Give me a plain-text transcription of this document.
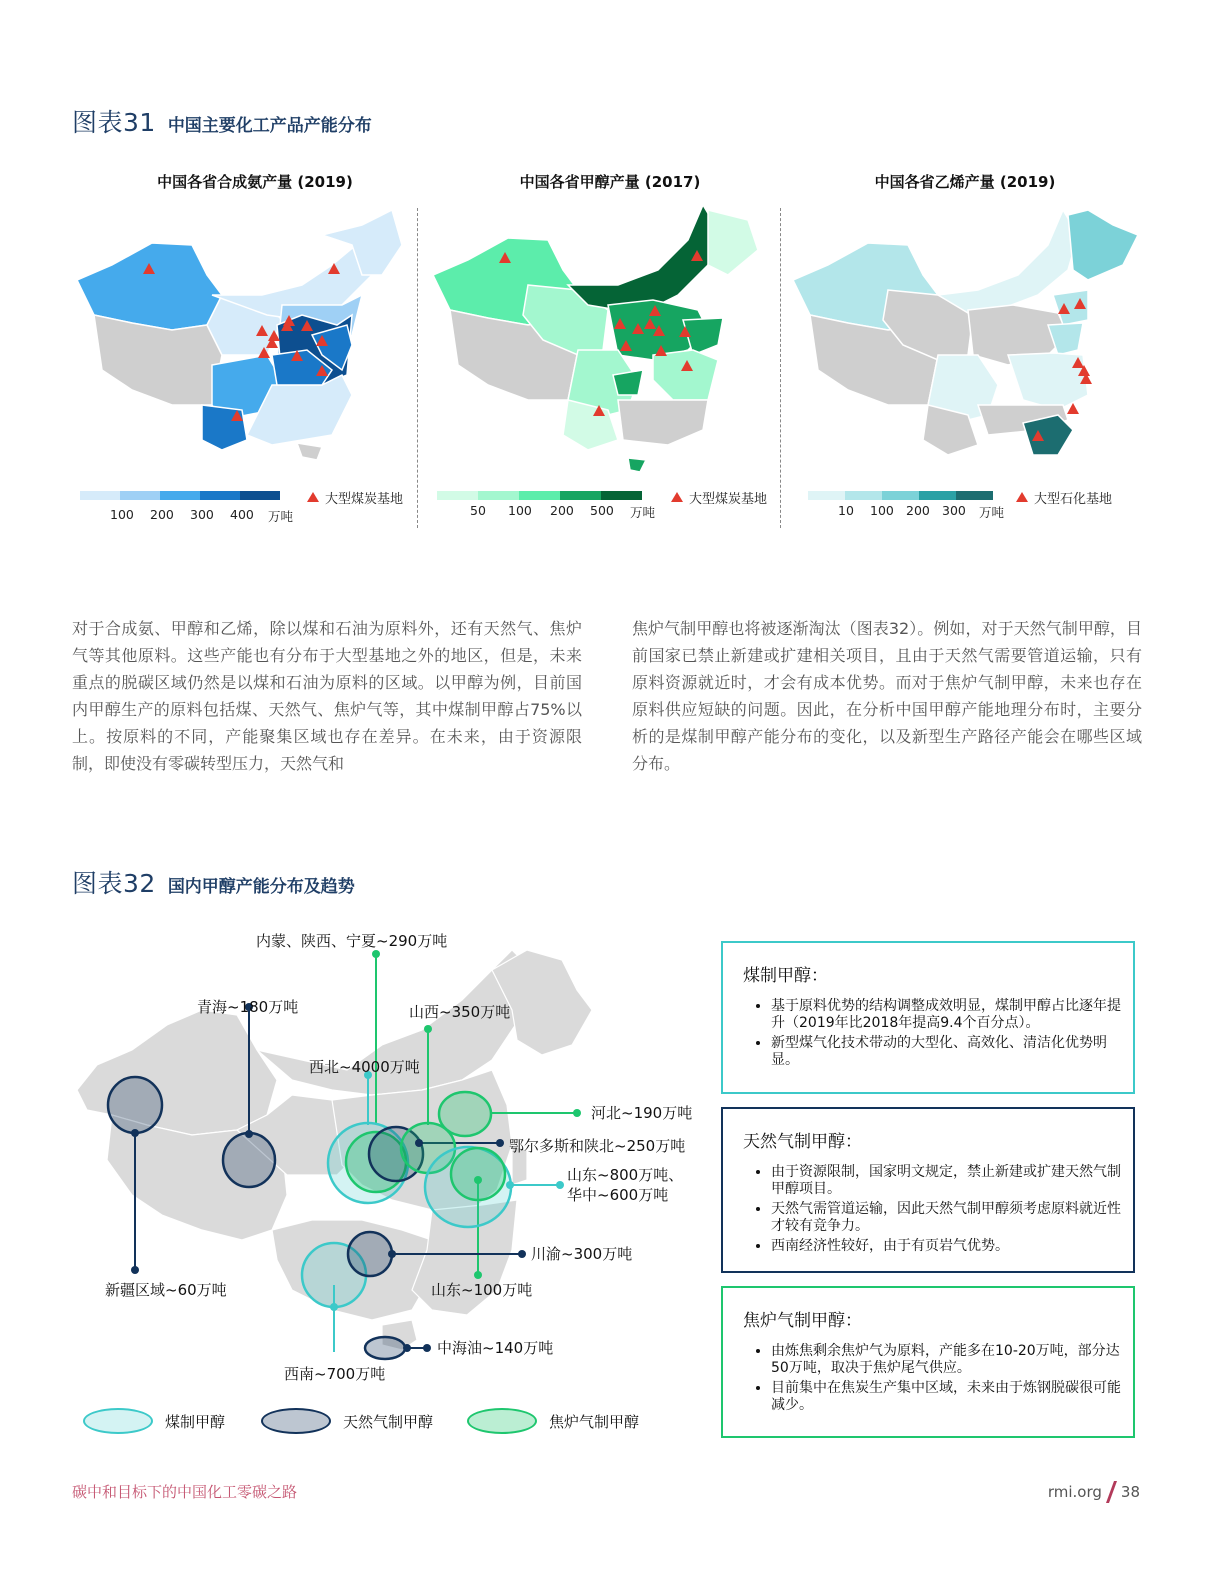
图表31 中国主要化工产品产能分布
中国各省合成氨产量 (2019)	中国各省甲醇产量 (2017)	中国各省乙烯产量 (2019)
100 200 300 400 万吨
大型煤炭基地
50 100 200 500 万吨
大型煤炭基地
10 100 200 300 万吨
大型石化基地
对于合成氨、甲醇和乙烯，除以煤和石油为原料外，还有天然气、焦炉气等其他原料。这些产能也有分布于大型基地之外的地区，但是，未来重点的脱碳区域仍然是以煤和石油为原料的区域。以甲醇为例，目前国内甲醇生产的原料包括煤、天然气、焦炉气等，其中煤制甲醇占75%以上。按原料的不同，产能聚集区域也存在差异。在未来，由于资源限制，即使没有零碳转型压力，天然气和
焦炉气制甲醇也将被逐渐淘汰（图表32）。例如，对于天然气制甲醇，目前国家已禁止新建或扩建相关项目，且由于天然气需要管道运输，只有原料资源就近时，才会有成本优势。而对于焦炉气制甲醇，未来也存在原料供应短缺的问题。因此，在分析中国甲醇产能地理分布时，主要分析的是煤制甲醇产能分布的变化，以及新型生产路径产能会在哪些区域分布。
图表32 国内甲醇产能分布及趋势
内蒙、陕西、宁夏~290万吨
青海~180万吨	山西~350万吨
西北~4000万吨
河北~190万吨
鄂尔多斯和陕北~250万吨
山东~800万吨、
华中~600万吨
川渝~300万吨
山东~100万吨
新疆区域~60万吨
中海油~140万吨
西南~700万吨
煤制甲醇	天然气制甲醇	焦炉气制甲醇
煤制甲醇：
• 基于原料优势的结构调整成效明显，煤制甲醇占比逐年提升（2019年比2018年提高9.4个百分点）。
• 新型煤气化技术带动的大型化、高效化、清洁化优势明显。
天然气制甲醇：
• 由于资源限制，国家明文规定，禁止新建或扩建天然气制甲醇项目。
• 天然气需管道运输，因此天然气制甲醇须考虑原料就近性才较有竞争力。
• 西南经济性较好，由于有页岩气优势。
焦炉气制甲醇：
• 由炼焦剩余焦炉气为原料，产能多在10-20万吨，部分达50万吨，取决于焦炉尾气供应。
• 目前集中在焦炭生产集中区域，未来由于炼钢脱碳很可能减少。
碳中和目标下的中国化工零碳之路	rmi.org 38
